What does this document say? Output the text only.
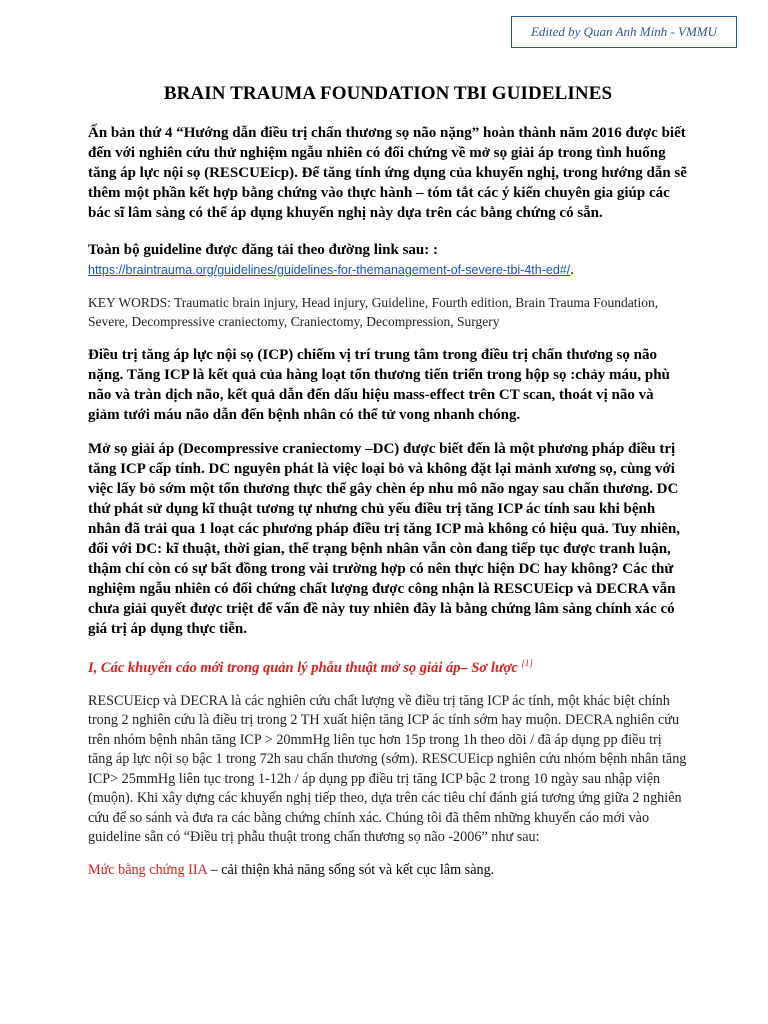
Edited by Quan Anh Minh - VMMU
BRAIN TRAUMA FOUNDATION TBI GUIDELINES

Ấn bản thứ 4 “Hướng dẫn điều trị chấn thương sọ não nặng” hoàn thành năm 2016 được biết đến với nghiên cứu thử nghiệm ngẫu nhiên có đối chứng về mở sọ giải áp trong tình huống tăng áp lực nội sọ (RESCUEicp). Để tăng tính ứng dụng của khuyến nghị, trong hướng dẫn sẽ thêm một phần kết hợp bằng chứng vào thực hành – tóm tắt các ý kiến chuyên gia giúp các bác sĩ lâm sàng có thể áp dụng khuyến nghị này dựa trên các bằng chứng có sẵn.

Toàn bộ guideline được đăng tải theo đường link sau: :

https://braintrauma.org/guidelines/guidelines-for-themanagement-of-severe-tbi-4th-ed#/.

KEY WORDS: Traumatic brain injury, Head injury, Guideline, Fourth edition, Brain Trauma Foundation, Severe, Decompressive craniectomy, Craniectomy, Decompression, Surgery

Điều trị tăng áp lực nội sọ (ICP) chiếm vị trí trung tâm trong điều trị chấn thương sọ não nặng. Tăng ICP là kết quả của hàng loạt tổn thương tiến triển trong hộp sọ :chảy máu, phù não và tràn dịch não, kết quả dẫn đến dấu hiệu mass-effect trên CT scan, thoát vị não và giảm tưới máu não dẫn đến bệnh nhân có thể tử vong nhanh chóng.

Mở sọ giải áp (Decompressive craniectomy –DC) được biết đến là một phương pháp điều trị tăng ICP cấp tính. DC nguyên phát là việc loại bỏ và không đặt lại mảnh xương sọ, cùng với việc lấy bỏ sớm một tổn thương thực thể gây chèn ép nhu mô não ngay sau chấn thương. DC thứ phát sử dụng kĩ thuật tương tự nhưng chủ yếu điều trị tăng ICP ác tính sau khi bệnh nhân đã trải qua 1 loạt các phương pháp điều trị tăng ICP mà không có hiệu quả. Tuy nhiên, đối với DC: kĩ thuật, thời gian, thể trạng bệnh nhân vẫn còn đang tiếp tục được tranh luận, thậm chí còn có sự bất đồng trong vài trường hợp có nên thực hiện DC hay không? Các thử nghiệm ngẫu nhiên có đối chứng chất lượng được công nhận là RESCUEicp và DECRA vẫn chưa giải quyết được triệt để vấn đề này tuy nhiên đây là bằng chứng lâm sàng chính xác có giá trị áp dụng thực tiễn.

I, Các khuyến cáo mới trong quản lý phẫu thuật mở sọ giải áp– Sơ lược [1]

RESCUEicp và DECRA là các nghiên cứu chất lượng về điều trị tăng ICP ác tính, một khác biệt chính trong 2 nghiên cứu là điều trị trong 2 TH xuất hiện tăng ICP ác tính sớm hay muộn. DECRA nghiên cứu trên nhóm bệnh nhân tăng ICP > 20mmHg liên tục hơn 15p trong 1h theo dõi / đã áp dụng pp điều trị tăng áp lực nội sọ bậc 1 trong 72h sau chấn thương (sớm). RESCUEicp nghiên cứu nhóm bệnh nhân tăng ICP> 25mmHg liên tục trong 1-12h / áp dụng pp điều trị tăng ICP bậc 2 trong 10 ngày sau nhập viện (muộn). Khi xây dựng các khuyến nghị tiếp theo, dựa trên các tiêu chí đánh giá tương ứng giữa 2 nghiên cứu để so sánh và đưa ra các bằng chứng chính xác. Chúng tôi đã thêm những khuyến cáo mới vào guideline sẵn có “Điều trị phẫu thuật trong chấn thương sọ não -2006” như sau:

Mức bằng chứng IIA – cải thiện khả năng sống sót và kết cục lâm sàng.
